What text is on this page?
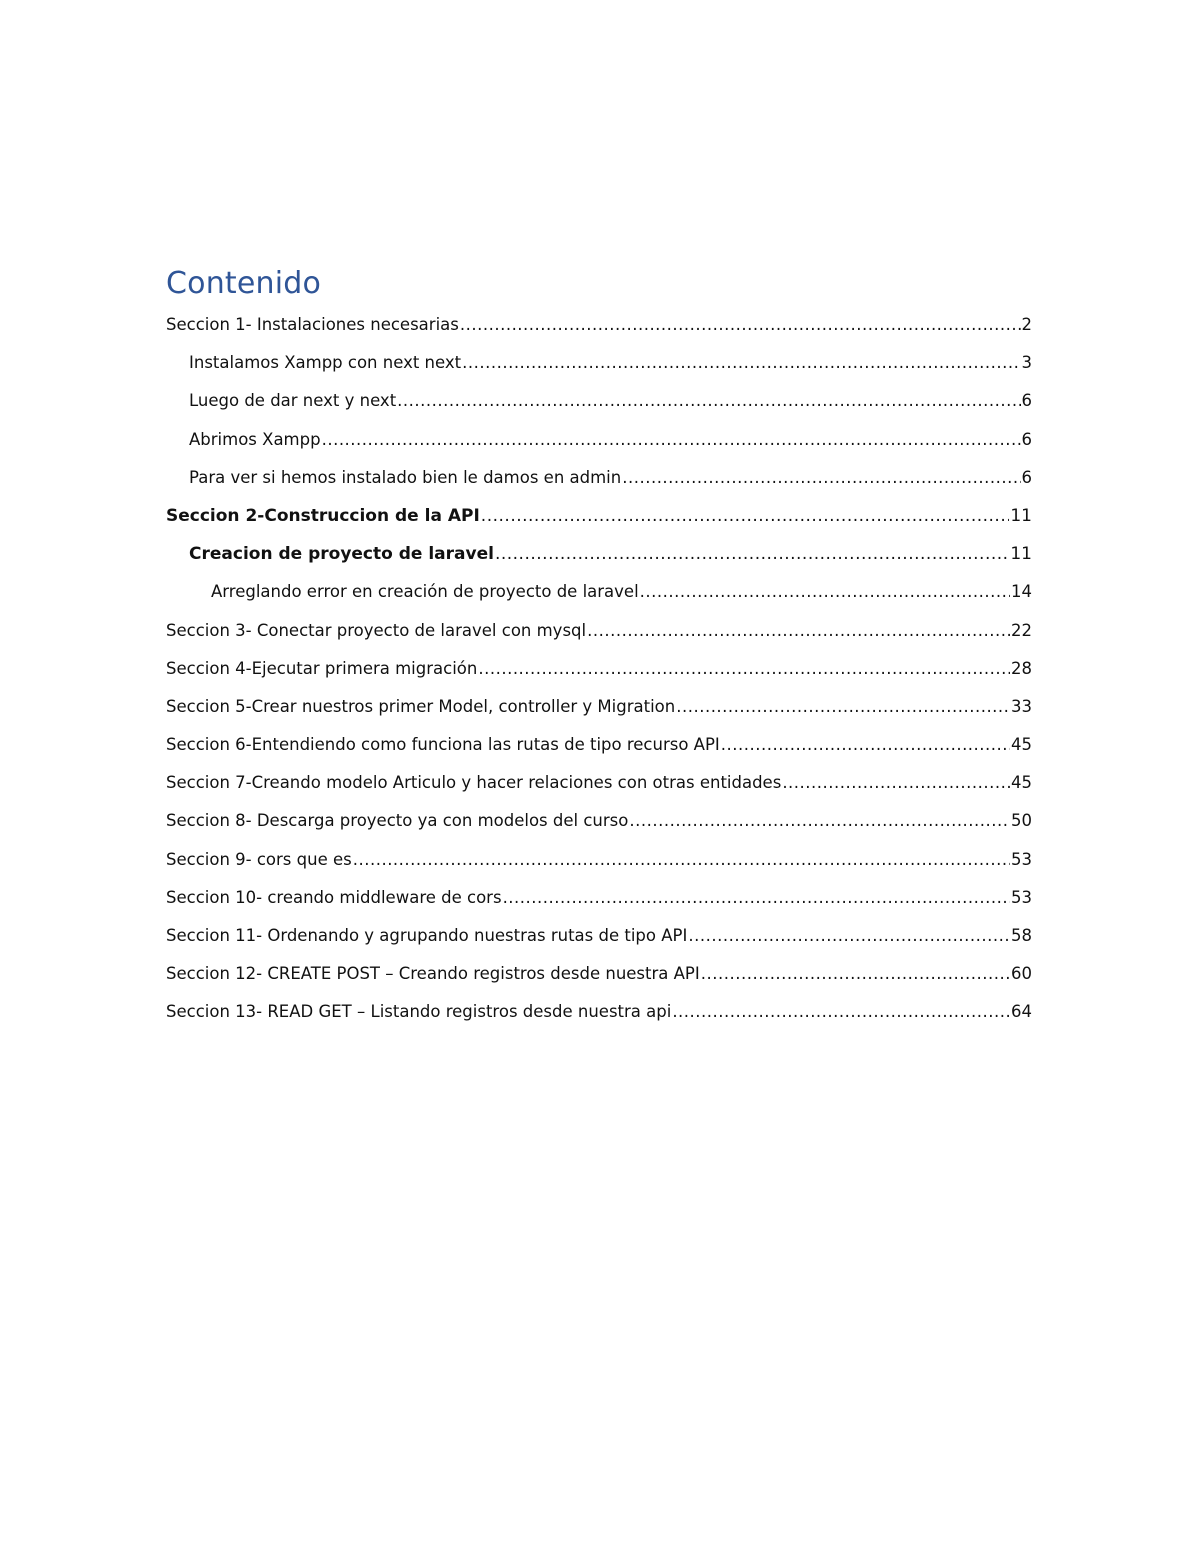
Contenido
Seccion 1- Instalaciones necesarias .....	2
Instalamos Xampp con next next .....	3
Luego de dar next y next .....	6
Abrimos Xampp .....	6
Para ver si hemos instalado bien le damos en admin .....	6
Seccion 2-Construccion de la API .....	11
Creacion de proyecto de laravel .....	11
Arreglando error en creación de proyecto de laravel .....	14
Seccion 3- Conectar proyecto de laravel con mysql .....	22
Seccion 4-Ejecutar primera migración .....	28
Seccion 5-Crear nuestros primer Model, controller y Migration .....	33
Seccion 6-Entendiendo como funciona las rutas de tipo recurso API .....	45
Seccion 7-Creando modelo Articulo y hacer relaciones con otras entidades .....	45
Seccion 8- Descarga proyecto ya con modelos del curso .....	50
Seccion 9- cors que es .....	53
Seccion 10- creando middleware de cors .....	53
Seccion 11- Ordenando y agrupando nuestras rutas de tipo API .....	58
Seccion 12- CREATE POST – Creando registros desde nuestra API .....	60
Seccion 13- READ GET – Listando registros desde nuestra api .....	64
